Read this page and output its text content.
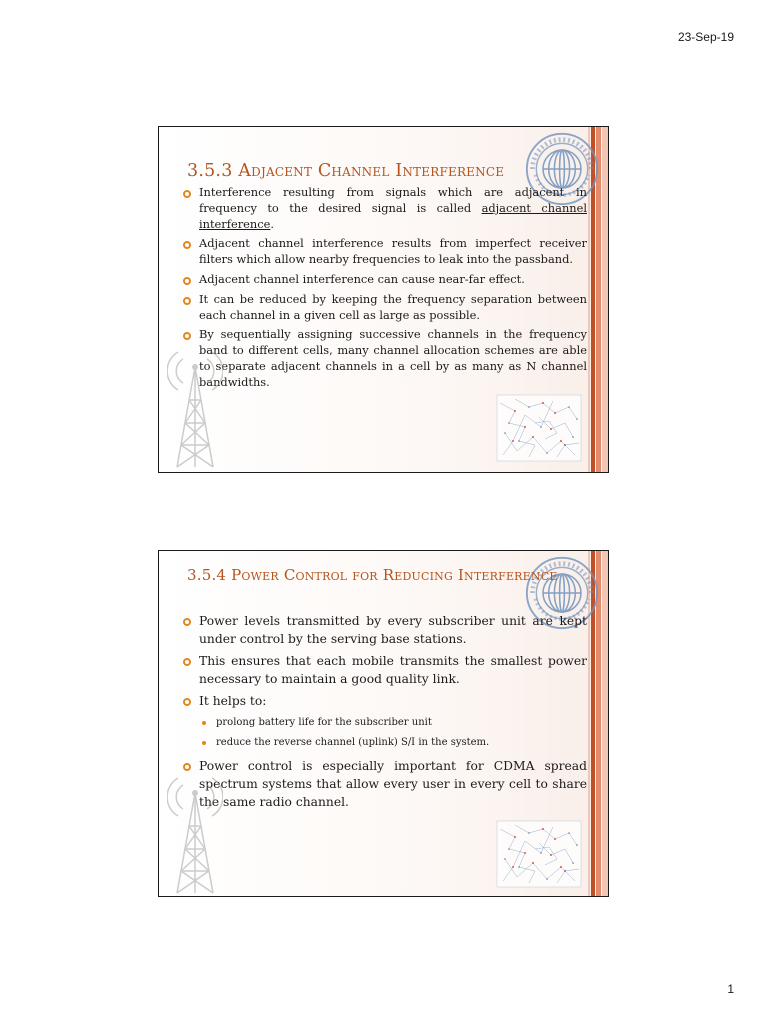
23-Sep-19
3.5.3 Adjacent Channel Interference
Interference resulting from signals which are adjacent in frequency to the desired signal is called adjacent channel interference.
Adjacent channel interference results from imperfect receiver filters which allow nearby frequencies to leak into the passband.
Adjacent channel interference can cause near-far effect.
It can be reduced by keeping the frequency separation between each channel in a given cell as large as possible.
By sequentially assigning successive channels in the frequency band to different cells, many channel allocation schemes are able to separate adjacent channels in a cell by as many as N channel bandwidths.
3.5.4 Power Control for Reducing Interference
Power levels transmitted by every subscriber unit are kept under control by the serving base stations.
This ensures that each mobile transmits the smallest power necessary to maintain a good quality link.
It helps to:
prolong battery life for the subscriber unit
reduce the reverse channel (uplink) S/I in the system.
Power control is especially important for CDMA spread spectrum systems that allow every user in every cell to share the same radio channel.
1
